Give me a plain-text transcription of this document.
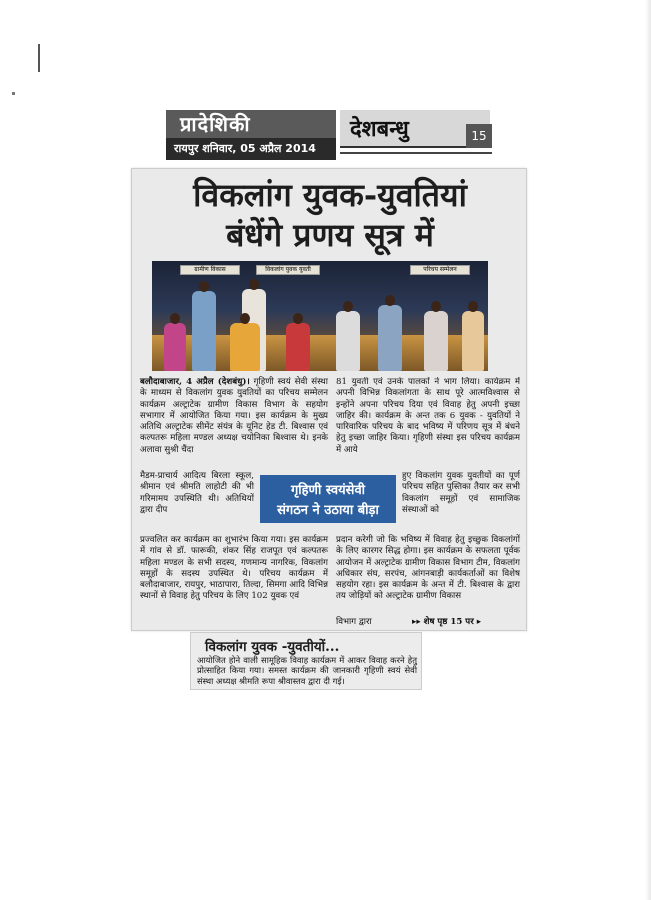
प्रादेशिकी
रायपुर शनिवार, 05 अप्रैल 2014
देशबन्धु	15
विकलांग युवक-युवतियां
बंधेंगे प्रणय सूत्र में
ग्रामीण विकास	विकलांग युवक युवती	परिचय सम्मेलन
बलौदाबाजार, 4 अप्रैल (देशबंधु)। गृहिणी स्वयं सेवी संस्था के माध्यम से विकलांग युवक युवतियों का परिचय सम्मेलन कार्यक्रम अल्ट्राटेक ग्रामीण विकास विभाग के सहयोग सभागार में आयोजित किया गया। इस कार्यक्रम के मुख्य अतिथि अल्ट्राटेक सीमेंट संयंत्र के यूनिट हेड टी. बिश्वास एवं कल्पतरू महिला मण्डल अध्यक्ष चयोनिका बिश्वास थे। इनके अलावा सुश्री चैंदा
मैडम-प्राचार्य आदित्य बिरला स्कूल, श्रीमान एवं श्रीमति लाहोटी की भी गरिमामय उपस्थिति थी। अतिथियों द्वारा दीप
गृहिणी स्वयंसेवी
संगठन ने उठाया बीड़ा
हुए विकलांग युवक युवतीयों का पूर्ण परिचय सहित पुस्तिका तैयार कर सभी विकलांग समूहों एवं सामाजिक संस्थाओं को
प्रज्वलित कर कार्यक्रम का शुभारंभ किया गया। इस कार्यक्रम में गांव से डॉ. फारूकी, शंकर सिंह राजपूत एवं कल्पतरू महिला मण्डल के सभी सदस्य, गणमान्य नागरिक, विकलांग समूहों के सदस्य उपस्थित थे। परिचय कार्यक्रम में बलौदाबाजार, रायपुर, भाठापारा, तिल्दा, सिमगा आदि विभिन्न स्थानों से विवाह हेतु परिचय के लिए 102 युवक एवं
81 युवती एवं उनके पालकों ने भाग लिया। कार्यक्रम में अपनी विभिन्न विकलांगता के साथ पूरे आत्मविश्वास से इन्होंने अपना परिचय दिया एवं विवाह हेतु अपनी इच्छा जाहिर की। कार्यक्रम के अन्त तक 6 युवक - युवतियों ने पारिवारिक परिचय के बाद भविष्य में परिणय सूत्र में बंधने हेतु इच्छा जाहिर किया। गृहिणी संस्था इस परिचय कार्यक्रम में आये
प्रदान करेगी जो कि भविष्य में विवाह हेतु इच्छुक विकलांगों के लिए कारगर सिद्ध होगा। इस कार्यक्रम के सफलता पूर्वक आयोजन में अल्ट्राटेक ग्रामीण विकास विभाग टीम, विकलांग अधिकार संघ, सरपंच, आंगनबाड़ी कार्यकर्ताओं का विशेष सहयोग रहा। इस कार्यक्रम के अन्त में टी. बिश्वास के द्वारा तय जोड़ियों को अल्ट्राटेक ग्रामीण विकास
विभाग द्वारा	▸▸ शेष पृष्ठ 15 पर ▸
विकलांग युवक -युवतीयों...
आयोजित होने वाली सामूहिक विवाह कार्यक्रम में आकर विवाह करने हेतु प्रोत्साहित किया गया। समस्त कार्यक्रम की जानकारी गृहिणी स्वयं सेवी संस्था अध्यक्ष श्रीमति रूपा श्रीवास्तव द्वारा दी गई।
